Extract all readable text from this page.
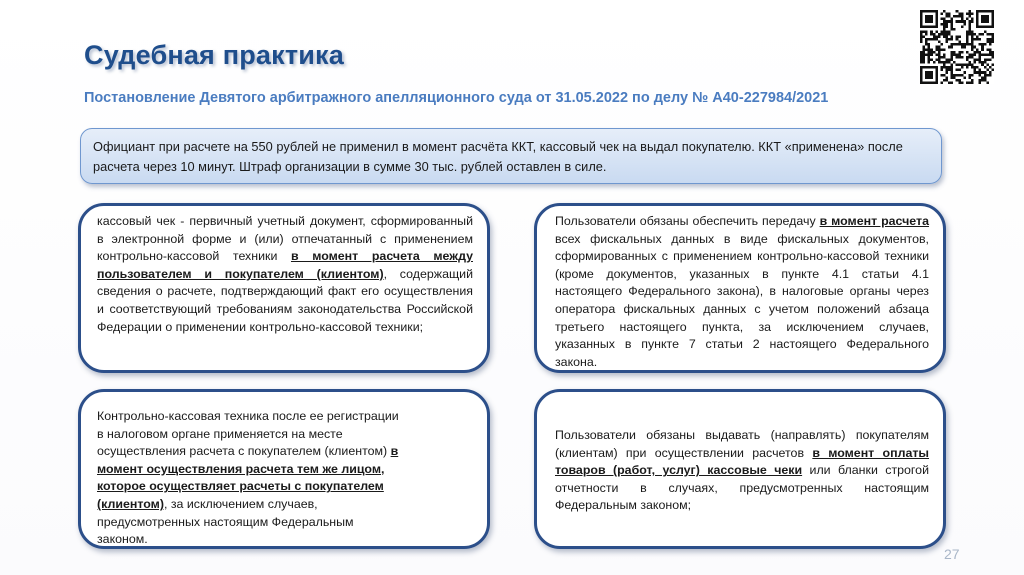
Судебная практика
Постановление Девятого арбитражного апелляционного суда от 31.05.2022 по делу № А40-227984/2021
Официант при расчете на 550 рублей не применил в момент расчёта ККТ, кассовый чек на выдал покупателю. ККТ «применена» после расчета через 10 минут. Штраф организации в сумме 30 тыс. рублей оставлен в силе.
кассовый чек - первичный учетный документ, сформированный в электронной форме и (или) отпечатанный с применением контрольно-кассовой техники в момент расчета между пользователем и покупателем (клиентом), содержащий сведения о расчете, подтверждающий факт его осуществления и соответствующий требованиям законодательства Российской Федерации о применении контрольно-кассовой техники;
Пользователи обязаны обеспечить передачу в момент расчета всех фискальных данных в виде фискальных документов, сформированных с применением контрольно-кассовой техники (кроме документов, указанных в пункте 4.1 статьи 4.1 настоящего Федерального закона), в налоговые органы через оператора фискальных данных с учетом положений абзаца третьего настоящего пункта, за исключением случаев, указанных в пункте 7 статьи 2 настоящего Федерального закона.
Контрольно-кассовая техника после ее регистрации в налоговом органе применяется на месте осуществления расчета с покупателем (клиентом) в момент осуществления расчета тем же лицом, которое осуществляет расчеты с покупателем (клиентом), за исключением случаев, предусмотренных настоящим Федеральным законом.
Пользователи обязаны выдавать (направлять) покупателям (клиентам) при осуществлении расчетов в момент оплаты товаров (работ, услуг) кассовые чеки или бланки строгой отчетности в случаях, предусмотренных настоящим Федеральным законом;
27
